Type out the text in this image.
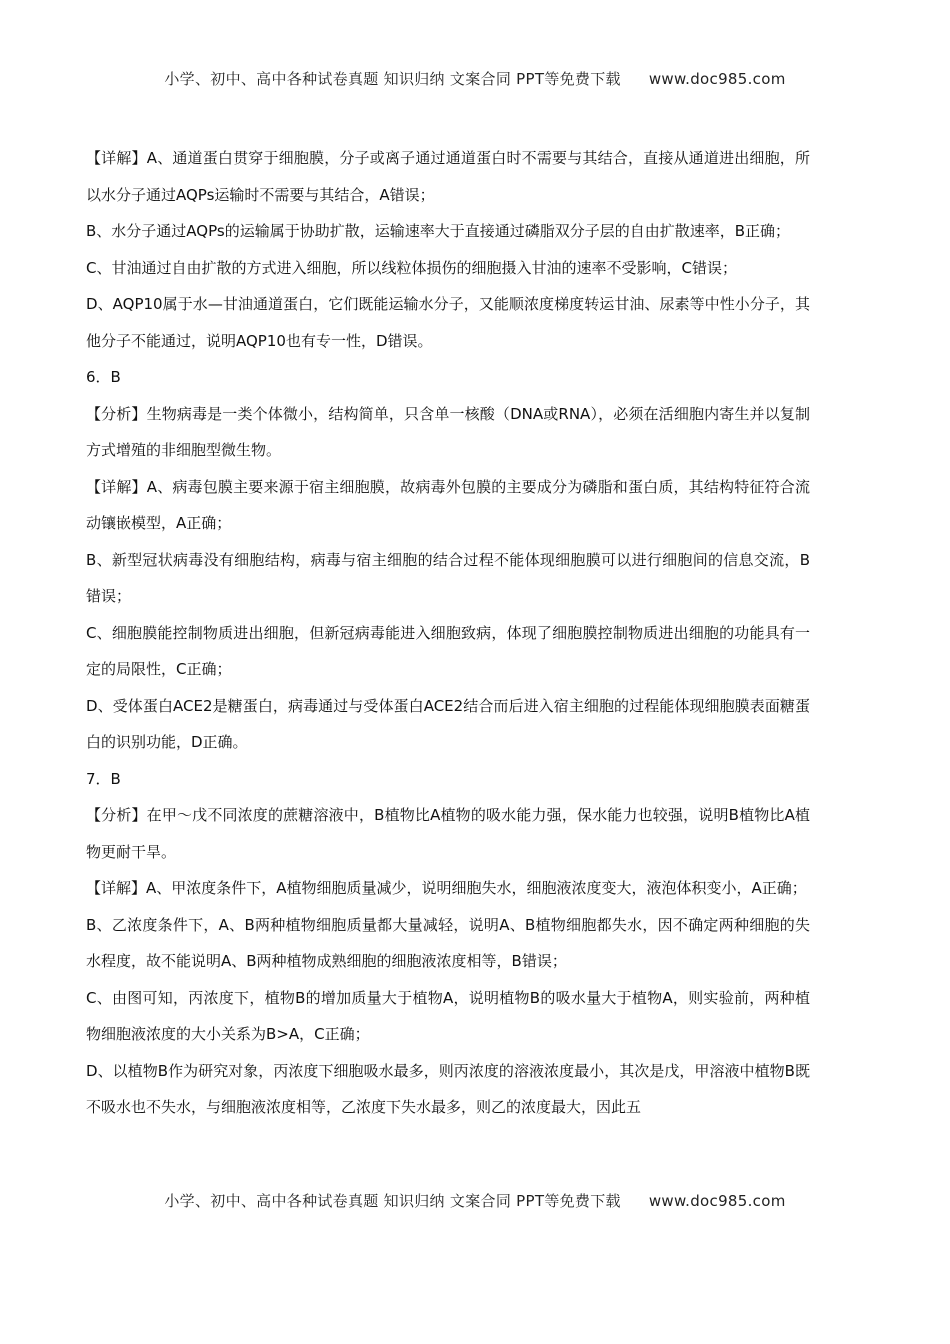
小学、初中、高中各种试卷真题 知识归纳 文案合同 PPT等免费下载 www.doc985.com

【详解】A、通道蛋白贯穿于细胞膜，分子或离子通过通道蛋白时不需要与其结合，直接从通道进出细胞，所以水分子通过AQPs运输时不需要与其结合，A错误；

B、水分子通过AQPs的运输属于协助扩散，运输速率大于直接通过磷脂双分子层的自由扩散速率，B正确；

C、甘油通过自由扩散的方式进入细胞，所以线粒体损伤的细胞摄入甘油的速率不受影响，C错误；

D、AQP10属于水—甘油通道蛋白，它们既能运输水分子，又能顺浓度梯度转运甘油、尿素等中性小分子，其他分子不能通过，说明AQP10也有专一性，D错误。

6．B

【分析】生物病毒是一类个体微小，结构简单，只含单一核酸（DNA或RNA），必须在活细胞内寄生并以复制方式增殖的非细胞型微生物。

【详解】A、病毒包膜主要来源于宿主细胞膜，故病毒外包膜的主要成分为磷脂和蛋白质，其结构特征符合流动镶嵌模型，A正确；

B、新型冠状病毒没有细胞结构，病毒与宿主细胞的结合过程不能体现细胞膜可以进行细胞间的信息交流，B错误；

C、细胞膜能控制物质进出细胞，但新冠病毒能进入细胞致病，体现了细胞膜控制物质进出细胞的功能具有一定的局限性，C正确；

D、受体蛋白ACE2是糖蛋白，病毒通过与受体蛋白ACE2结合而后进入宿主细胞的过程能体现细胞膜表面糖蛋白的识别功能，D正确。

7．B

【分析】在甲～戊不同浓度的蔗糖溶液中，B植物比A植物的吸水能力强，保水能力也较强，说明B植物比A植物更耐干旱。

【详解】A、甲浓度条件下，A植物细胞质量减少，说明细胞失水，细胞液浓度变大，液泡体积变小，A正确；

B、乙浓度条件下，A、B两种植物细胞质量都大量减轻，说明A、B植物细胞都失水，因不确定两种细胞的失水程度，故不能说明A、B两种植物成熟细胞的细胞液浓度相等，B错误；

C、由图可知，丙浓度下，植物B的增加质量大于植物A，说明植物B的吸水量大于植物A，则实验前，两种植物细胞液浓度的大小关系为B>A，C正确；

D、以植物B作为研究对象，丙浓度下细胞吸水最多，则丙浓度的溶液浓度最小，其次是戊，甲溶液中植物B既不吸水也不失水，与细胞液浓度相等，乙浓度下失水最多，则乙的浓度最大，因此五

小学、初中、高中各种试卷真题 知识归纳 文案合同 PPT等免费下载 www.doc985.com
